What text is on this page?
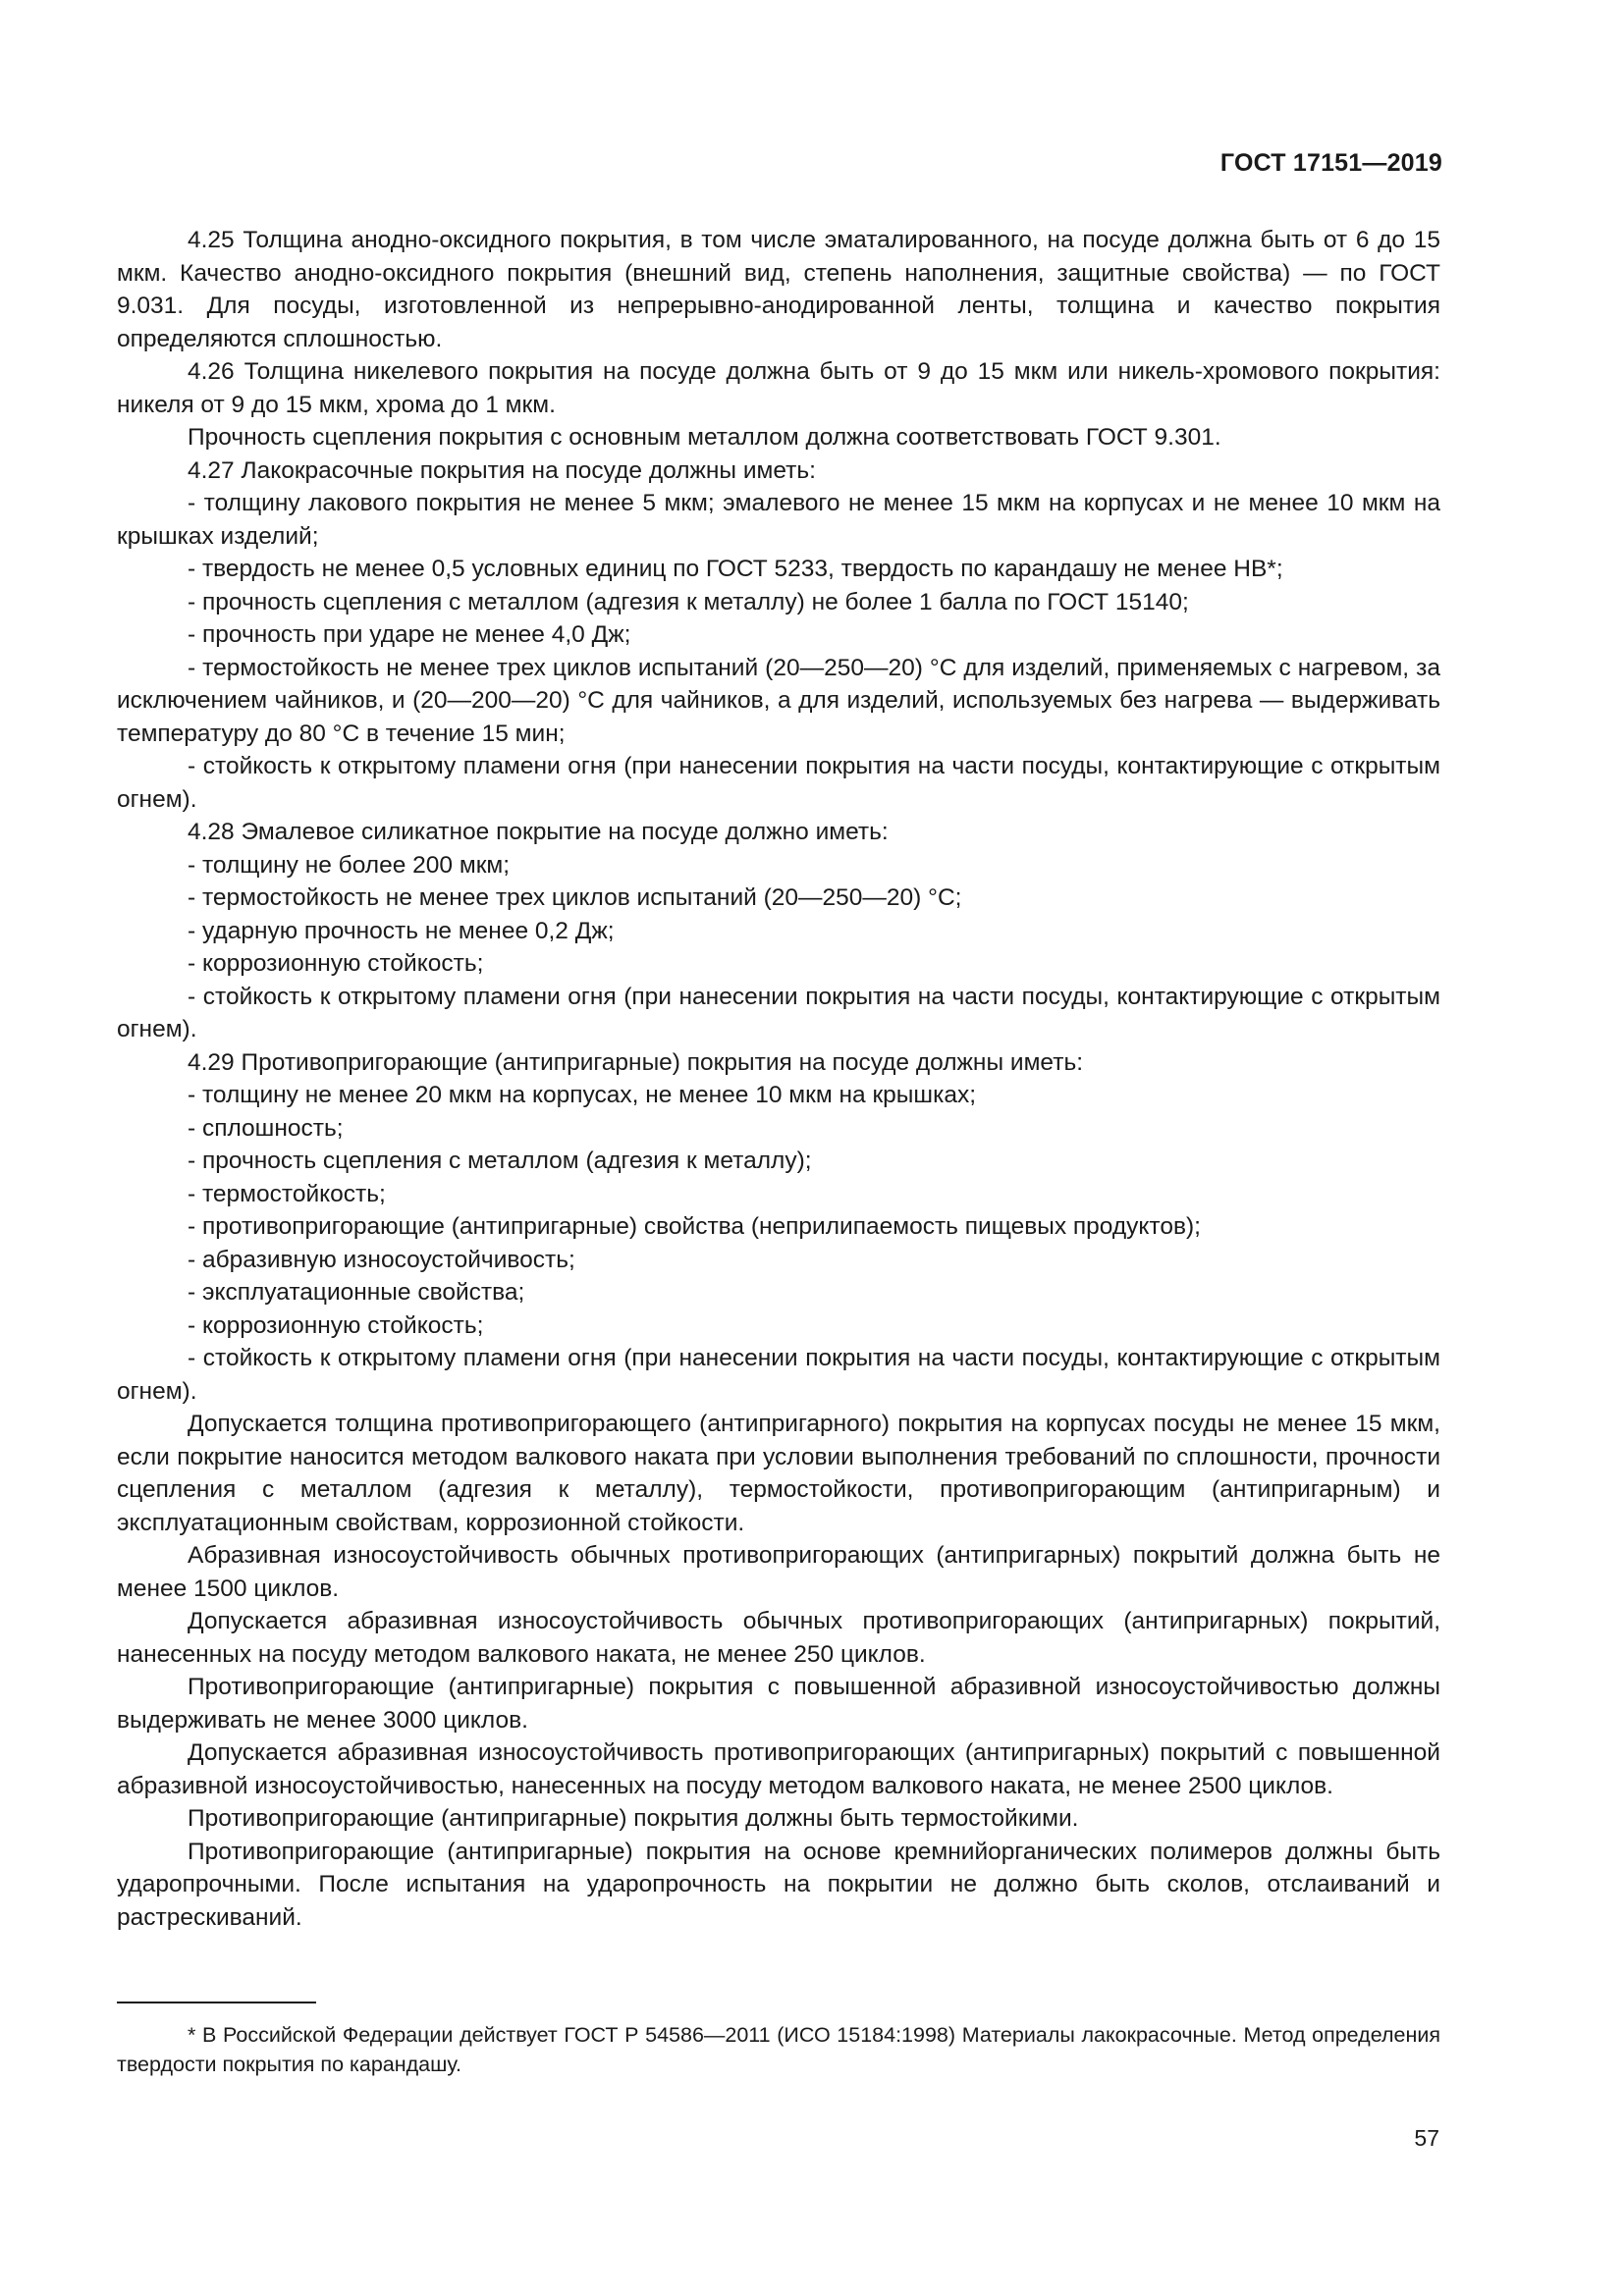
ГОСТ 17151—2019

4.25 Толщина анодно-оксидного покрытия, в том числе эматалированного, на посуде должна быть от 6 до 15 мкм. Качество анодно-оксидного покрытия (внешний вид, степень наполнения, защитные свойства) — по ГОСТ 9.031. Для посуды, изготовленной из непрерывно-анодированной ленты, толщина и качество покрытия определяются сплошностью.

4.26 Толщина никелевого покрытия на посуде должна быть от 9 до 15 мкм или никель-хромового покрытия: никеля от 9 до 15 мкм, хрома до 1 мкм.

Прочность сцепления покрытия с основным металлом должна соответствовать ГОСТ 9.301.

4.27 Лакокрасочные покрытия на посуде должны иметь:

- толщину лакового покрытия не менее 5 мкм; эмалевого не менее 15 мкм на корпусах и не менее 10 мкм на крышках изделий;

- твердость не менее 0,5 условных единиц по ГОСТ 5233, твердость по карандашу не менее НВ*;

- прочность сцепления с металлом (адгезия к металлу) не более 1 балла по ГОСТ 15140;

- прочность при ударе не менее 4,0 Дж;

- термостойкость не менее трех циклов испытаний (20—250—20) °С для изделий, применяемых с нагревом, за исключением чайников, и (20—200—20) °С для чайников, а для изделий, используемых без нагрева — выдерживать температуру до 80 °С в течение 15 мин;

- стойкость к открытому пламени огня (при нанесении покрытия на части посуды, контактирующие с открытым огнем).

4.28 Эмалевое силикатное покрытие на посуде должно иметь:

- толщину не более 200 мкм;

- термостойкость не менее трех циклов испытаний (20—250—20) °С;

- ударную прочность не менее 0,2 Дж;

- коррозионную стойкость;

- стойкость к открытому пламени огня (при нанесении покрытия на части посуды, контактирующие с открытым огнем).

4.29 Противопригорающие (антипригарные) покрытия на посуде должны иметь:

- толщину не менее 20 мкм на корпусах, не менее 10 мкм на крышках;

- сплошность;

- прочность сцепления с металлом (адгезия к металлу);

- термостойкость;

- противопригорающие (антипригарные) свойства (неприлипаемость пищевых продуктов);

- абразивную износоустойчивость;

- эксплуатационные свойства;

- коррозионную стойкость;

- стойкость к открытому пламени огня (при нанесении покрытия на части посуды, контактирующие с открытым огнем).

Допускается толщина противопригорающего (антипригарного) покрытия на корпусах посуды не менее 15 мкм, если покрытие наносится методом валкового наката при условии выполнения требований по сплошности, прочности сцепления с металлом (адгезия к металлу), термостойкости, противопригорающим (антипригарным) и эксплуатационным свойствам, коррозионной стойкости.

Абразивная износоустойчивость обычных противопригорающих (антипригарных) покрытий должна быть не менее 1500 циклов.

Допускается абразивная износоустойчивость обычных противопригорающих (антипригарных) покрытий, нанесенных на посуду методом валкового наката, не менее 250 циклов.

Противопригорающие (антипригарные) покрытия с повышенной абразивной износоустойчивостью должны выдерживать не менее 3000 циклов.

Допускается абразивная износоустойчивость противопригорающих (антипригарных) покрытий с повышенной абразивной износоустойчивостью, нанесенных на посуду методом валкового наката, не менее 2500 циклов.

Противопригорающие (антипригарные) покрытия должны быть термостойкими.

Противопригорающие (антипригарные) покрытия на основе кремнийорганических полимеров должны быть ударопрочными. После испытания на ударопрочность на покрытии не должно быть сколов, отслаиваний и растрескиваний.

* В Российской Федерации действует ГОСТ Р 54586—2011 (ИСО 15184:1998) Материалы лакокрасочные. Метод определения твердости покрытия по карандашу.

57
